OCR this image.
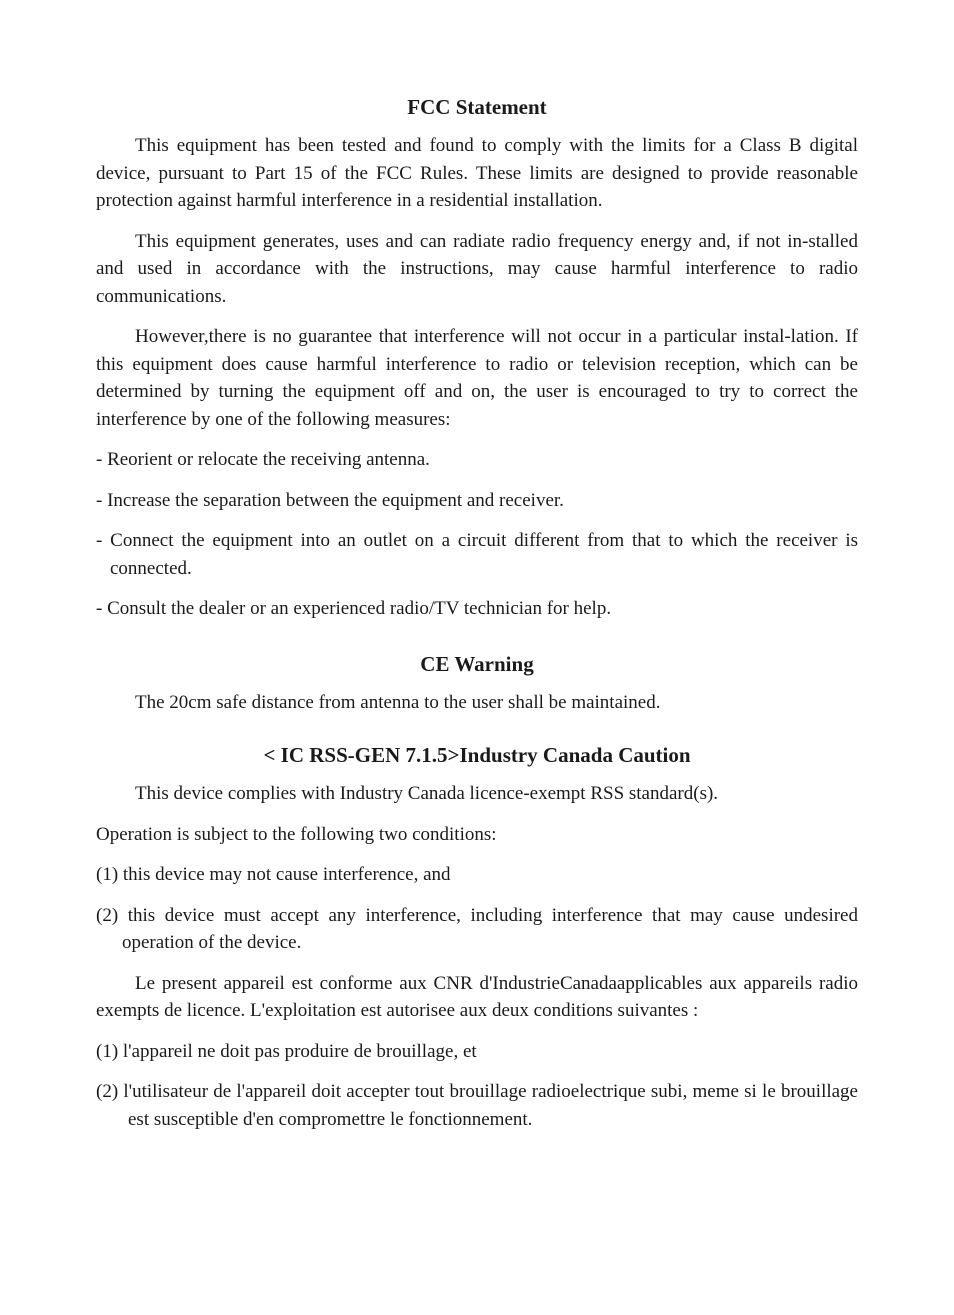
FCC Statement

This equipment has been tested and found to comply with the limits for a Class B digital device, pursuant to Part 15 of the FCC Rules. These limits are designed to provide reasonable protection against harmful interference in a residential installation.

This equipment generates, uses and can radiate radio frequency energy and, if not in-stalled and used in accordance with the instructions, may cause harmful interference to radio communications.

However,there is no guarantee that interference will not occur in a particular instal-lation. If this equipment does cause harmful interference to radio or television reception, which can be determined by turning the equipment off and on, the user is encouraged to try to correct the interference by one of the following measures:

- Reorient or relocate the receiving antenna.
- Increase the separation between the equipment and receiver.
- Connect the equipment into an outlet on a circuit different from that to which the receiver is connected.
- Consult the dealer or an experienced radio/TV technician for help.
CE Warning

The 20cm safe distance from antenna to the user shall be maintained.

< IC RSS-GEN 7.1.5>Industry Canada Caution

This device complies with Industry Canada licence-exempt RSS standard(s).

Operation is subject to the following two conditions:

(1) this device may not cause interference, and
(2) this device must accept any interference, including interference that may cause undesired operation of the device.

Le present appareil est conforme aux CNR d'IndustrieCanadaapplicables aux appareils radio exempts de licence. L'exploitation est autorisee aux deux conditions suivantes :

(1) l'appareil ne doit pas produire de brouillage, et
(2) l'utilisateur de l'appareil doit accepter tout brouillage radioelectrique subi, meme si le brouillage est susceptible d'en compromettre le fonctionnement.
